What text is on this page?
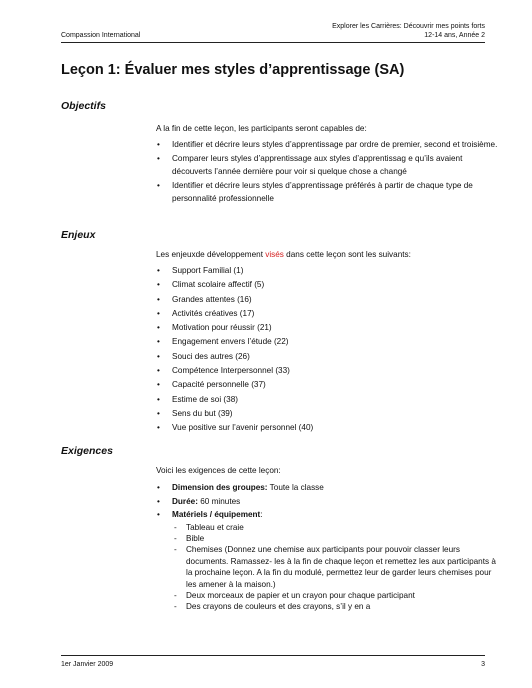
Compassion International
Explorer les Carrières: Découvrir mes points forts
12-14 ans, Année 2
Leçon 1: Évaluer mes styles d’apprentissage (SA)
Objectifs
A la fin de cette leçon, les participants seront capables de:
• Identifier et décrire leurs styles d’apprentissage par ordre de premier, second et troisième.
• Comparer leurs styles d’apprentissage aux styles d’apprentissag e qu’ils avaient découverts l’année dernière pour voir si quelque chose a changé
• Identifier et décrire leurs styles d’apprentissage préférés à partir de chaque type de personnalité professionnelle
Enjeux
Les enjeuxde développement visés dans cette leçon sont les suivants:
• Support Familial (1)
• Climat scolaire affectif (5)
• Grandes attentes (16)
• Activités créatives (17)
• Motivation pour réussir (21)
• Engagement envers l’étude (22)
• Souci des autres (26)
• Compétence Interpersonnel (33)
• Capacité personnelle (37)
• Estime de soi (38)
• Sens du but (39)
• Vue positive sur l’avenir personnel (40)
Exigences
Voici les exigences de cette leçon:
• Dimension des groupes: Toute la classe
• Durée: 60 minutes
• Matériels / équipement:
- Tableau et craie
- Bible
- Chemises (Donnez une chemise aux participants pour pouvoir classer leurs documents. Ramassez- les à la fin de chaque leçon et remettez les aux participants à la prochaine leçon. A la fin du modulé, permettez leur de garder leurs chemises pour les amener à la maison.)
- Deux morceaux de papier et un crayon pour chaque participant
- Des crayons de couleurs et des crayons, s’il y en a
1er Janvier 2009	3
